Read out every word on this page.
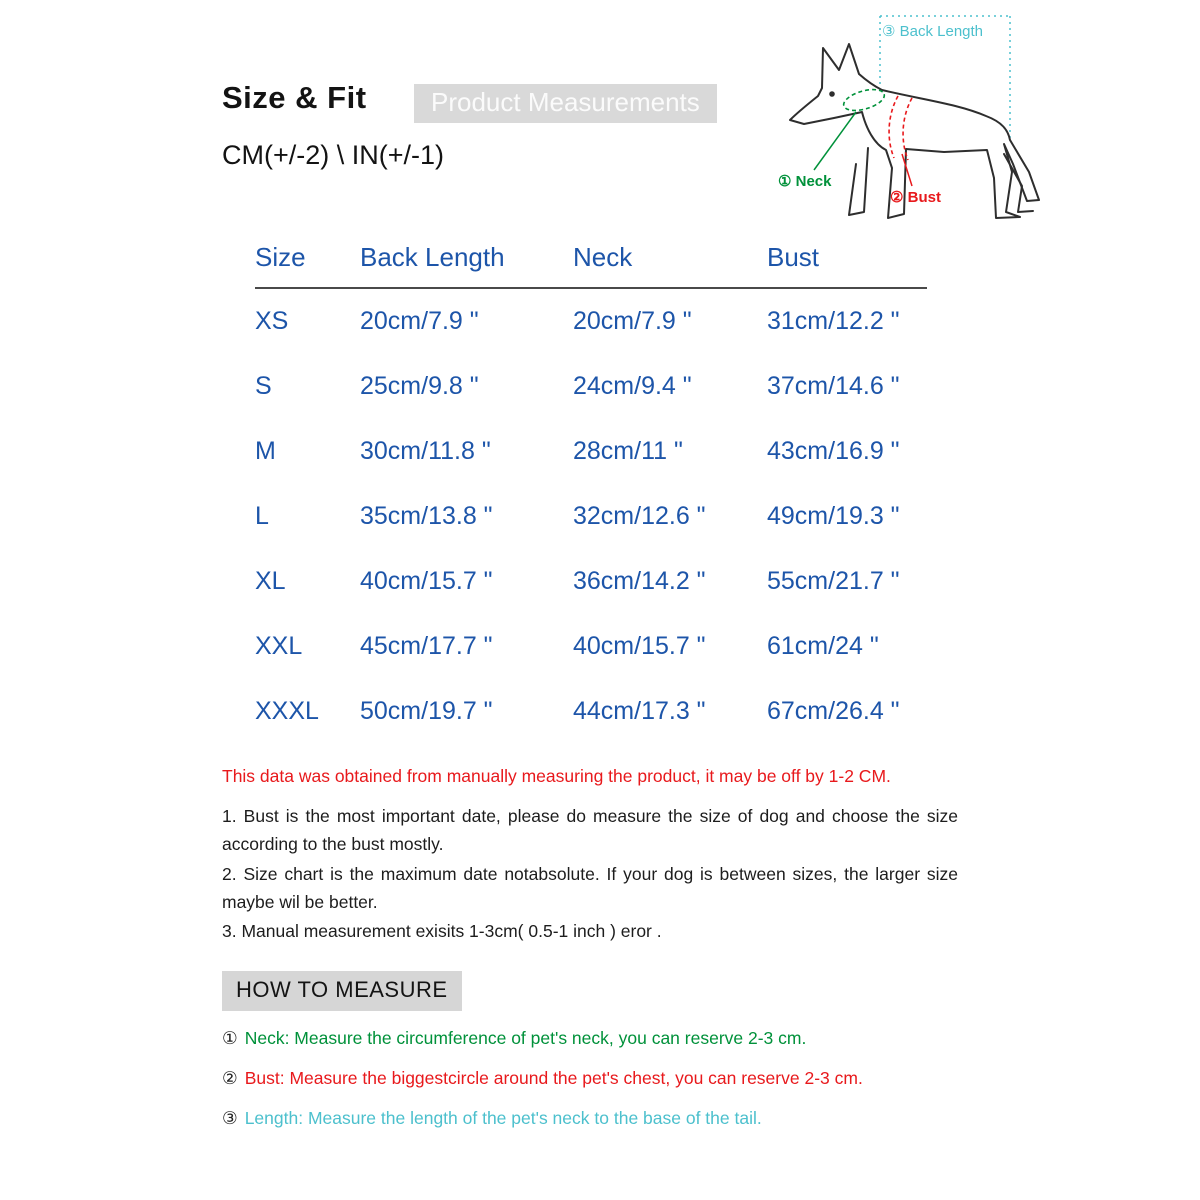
Size & Fit	Product Measurements
CM(+/-2) \ IN(+/-1)
③ Back Length
① Neck
② Bust
Size	Back Length	Neck	Bust
XS	20cm/7.9 "	20cm/7.9 "	31cm/12.2 "
S	25cm/9.8 "	24cm/9.4 "	37cm/14.6 "
M	30cm/11.8 "	28cm/11 "	43cm/16.9 "
L	35cm/13.8 "	32cm/12.6 "	49cm/19.3 "
XL	40cm/15.7 "	36cm/14.2 "	55cm/21.7 "
XXL	45cm/17.7 "	40cm/15.7 "	61cm/24 "
XXXL	50cm/19.7 "	44cm/17.3 "	67cm/26.4 "
This data was obtained from manually measuring the product, it may be off by 1-2 CM.

1. Bust is the most important date, please do measure the size of dog and choose the size according to the bust mostly.

2. Size chart is the maximum date notabsolute. If your dog is between sizes, the larger size maybe wil be better.

3. Manual measurement exisits 1-3cm( 0.5-1 inch ) eror .

HOW TO MEASURE
① Neck: Measure the circumference of pet's neck, you can reserve 2-3 cm.
② Bust: Measure the biggestcircle around the pet's chest, you can reserve 2-3 cm.
③ Length: Measure the length of the pet's neck to the base of the tail.
